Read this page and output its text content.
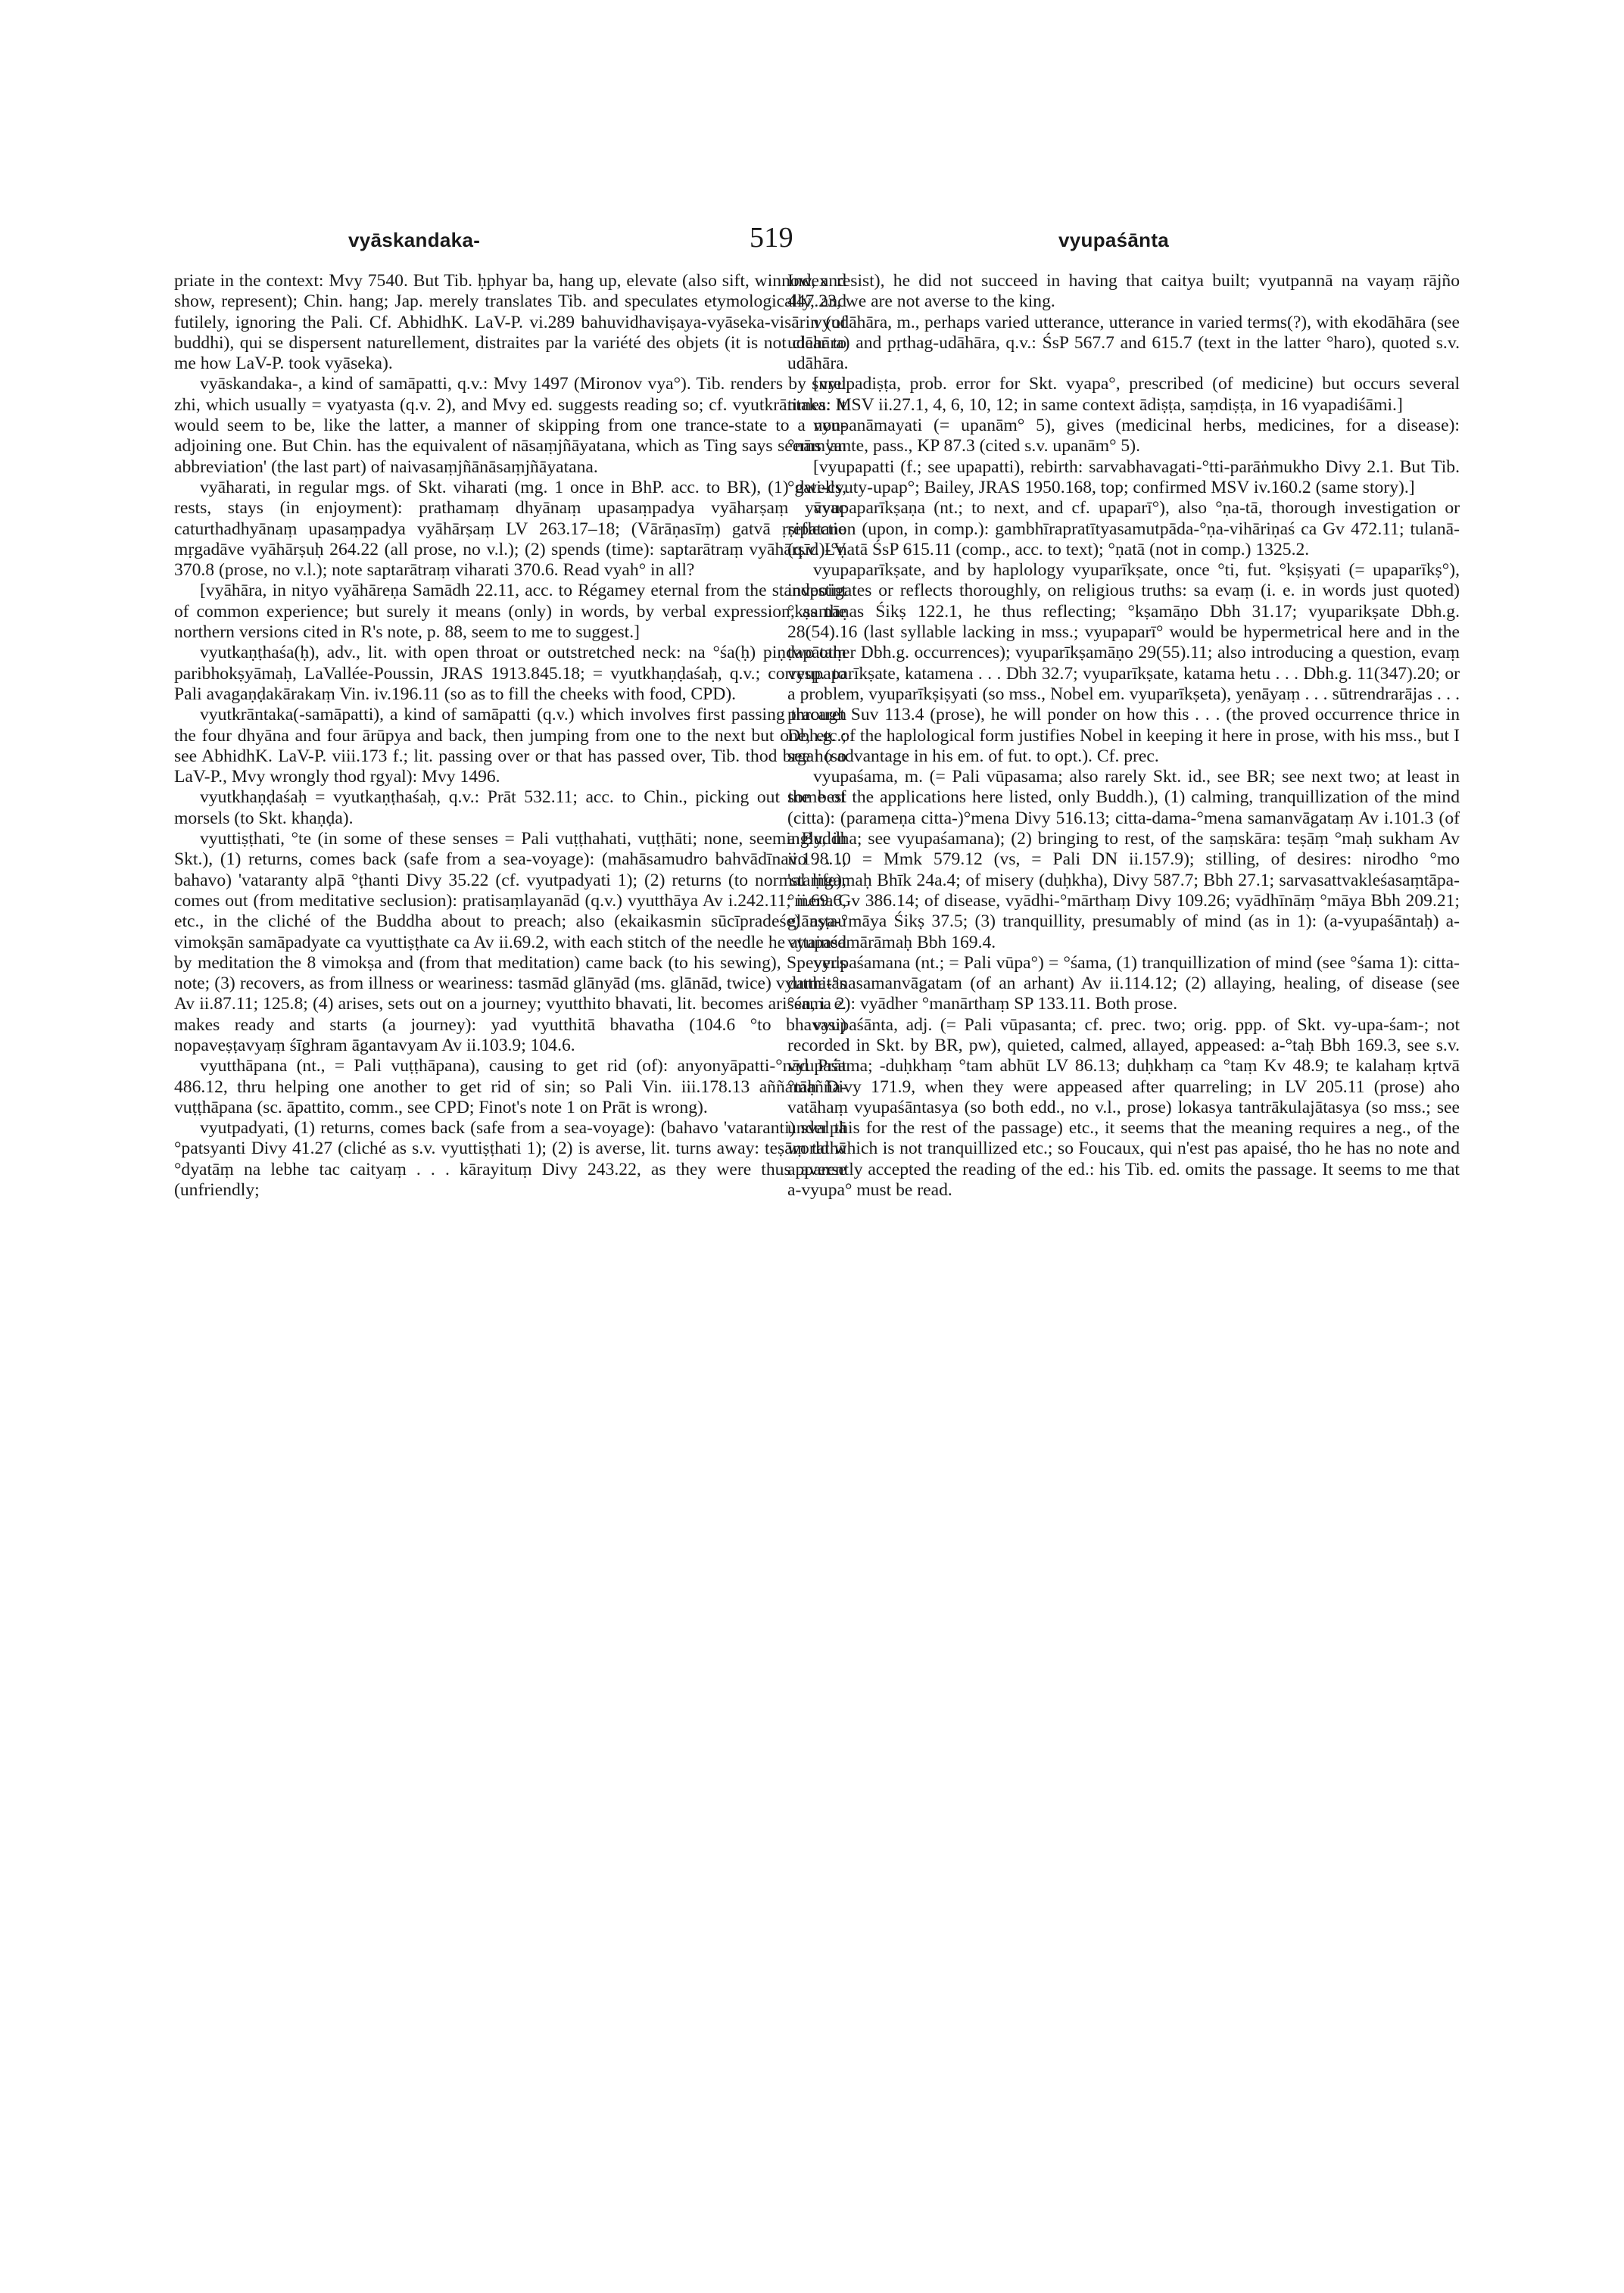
vyāskandaka-	519	vyupaśānta

priate in the context: Mvy 7540. But Tib. ḥphyar ba, hang up, elevate (also sift, winnow, and show, represent); Chin. hang; Jap. merely translates Tib. and speculates etymologically, and futilely, ignoring the Pali. Cf. AbhidhK. LaV-P. vi.289 bahuvidhaviṣaya-vyāseka-visārin (of buddhi), qui se dispersent naturellement, distraites par la variété des objets (it is not clear to me how LaV-P. took vyāseka).

vyāskandaka-, a kind of samāpatti, q.v.: Mvy 1497 (Mironov vya°). Tib. renders by snrel zhi, which usually = vyatyasta (q.v. 2), and Mvy ed. suggests reading so; cf. vyutkrāntaka. It would seem to be, like the latter, a manner of skipping from one trance-state to a non-adjoining one. But Chin. has the equivalent of nāsaṃjñāyatana, which as Ting says seems 'an abbreviation' (the last part) of naivasaṃjñānāsaṃjñāyatana.

vyāharati, in regular mgs. of Skt. viharati (mg. 1 once in BhP. acc. to BR), (1) dwells, rests, stays (in enjoyment): prathamaṃ dhyānaṃ upasaṃpadya vyāharṣaṃ yāvac caturthadhyānaṃ upasaṃpadya vyāhārṣaṃ LV 263.17–18; (Vārāṇasīṃ) gatvā ṛṣipatane mṛgadāve vyāhārṣuḥ 264.22 (all prose, no v.l.); (2) spends (time): saptarātraṃ vyāhārṣīd LV 370.8 (prose, no v.l.); note saptarātraṃ viharati 370.6. Read vyah° in all?

[vyāhāra, in nityo vyāhāreṇa Samādh 22.11, acc. to Régamey eternal from the standpoint of common experience; but surely it means (only) in words, by verbal expression, as the northern versions cited in R's note, p. 88, seem to me to suggest.]

vyutkaṇṭhaśa(ḥ), adv., lit. with open throat or outstretched neck: na °śa(ḥ) piṇḍapātaṃ paribhokṣyāmaḥ, LaVallée-Poussin, JRAS 1913.845.18; = vyutkhaṇḍaśaḥ, q.v.; corresp. to Pali avagaṇḍakārakaṃ Vin. iv.196.11 (so as to fill the cheeks with food, CPD).

vyutkrāntaka(-samāpatti), a kind of samāpatti (q.v.) which involves first passing through the four dhyāna and four ārūpya and back, then jumping from one to the next but one, etc.; see AbhidhK. LaV-P. viii.173 f.; lit. passing over or that has passed over, Tib. thod brgal (so LaV-P., Mvy wrongly thod rgyal): Mvy 1496.

vyutkhaṇḍaśaḥ = vyutkaṇṭhaśaḥ, q.v.: Prāt 532.11; acc. to Chin., picking out the best morsels (to Skt. khaṇḍa).

vyuttiṣṭhati, °te (in some of these senses = Pali vuṭṭhahati, vuṭṭhāti; none, seemingly, in Skt.), (1) returns, comes back (safe from a sea-voyage): (mahāsamudro bahvādīnavo . . ., bahavo) 'vataranty alpā °ṭhanti Divy 35.22 (cf. vyutpadyati 1); (2) returns (to normal life), comes out (from meditative seclusion): pratisaṃlayanād (q.v.) vyutthāya Av i.242.11; ii.69.6, etc., in the cliché of the Buddha about to preach; also (ekaikasmin sūcīpradeśe) aṣṭau vimokṣān samāpadyate ca vyuttiṣṭhate ca Av ii.69.2, with each stitch of the needle he attained by meditation the 8 vimokṣa and (from that meditation) came back (to his sewing), Speyer's note; (3) recovers, as from illness or weariness: tasmād glānyād (ms. glānād, twice) vyutthitas Av ii.87.11; 125.8; (4) arises, sets out on a journey; vyutthito bhavati, lit. becomes arisen, i. e. makes ready and starts (a journey): yad vyutthitā bhavatha (104.6 °to bhavasi) nopaveṣṭavyaṃ śīghram āgantavyam Av ii.103.9; 104.6.

vyutthāpana (nt., = Pali vuṭṭhāpana), causing to get rid (of): anyonyāpatti-°nād Prāt 486.12, thru helping one another to get rid of sin; so Pali Vin. iii.178.13 aññamañña-vuṭṭhāpana (sc. āpattito, comm., see CPD; Finot's note 1 on Prāt is wrong).

vyutpadyati, (1) returns, comes back (safe from a sea-voyage): (bahavo 'vataranti) svalpā °patsyanti Divy 41.27 (cliché as s.v. vyuttiṣṭhati 1); (2) is averse, lit. turns away: teṣāṃ tathā °dyatāṃ na lebhe tac caityaṃ . . . kārayituṃ Divy 243.22, as they were thus averse (unfriendly;

Index resist), he did not succeed in having that caitya built; vyutpannā na vayaṃ rājño 447.23, we are not averse to the king.

vyudāhāra, m., perhaps varied utterance, utterance in varied terms(?), with ekodāhāra (see udāhāra) and pṛthag-udāhāra, q.v.: ŚsP 567.7 and 615.7 (text in the latter °haro), quoted s.v. udāhāra.

[vyupadiṣṭa, prob. error for Skt. vyapa°, prescribed (of medicine) but occurs several times: MSV ii.27.1, 4, 6, 10, 12; in same context ādiṣṭa, saṃdiṣṭa, in 16 vyapadiśāmi.]

vyupanāmayati (= upanām° 5), gives (medicinal herbs, medicines, for a disease): °nāmyante, pass., KP 87.3 (cited s.v. upanām° 5).

[vyupapatti (f.; see upapatti), rebirth: sarvabhavagati-°tti-parāṅmukho Divy 2.1. But Tib. °gati-cyuty-upap°; Bailey, JRAS 1950.168, top; confirmed MSV iv.160.2 (same story).]

vyupaparīkṣaṇa (nt.; to next, and cf. upaparī°), also °ṇa-tā, thorough investigation or reflection (upon, in comp.): gambhīrapratītyasamutpāda-°ṇa-vihāriṇaś ca Gv 472.11; tulanā-(q.v.)-°ṇatā ŚsP 615.11 (comp., acc. to text); °ṇatā (not in comp.) 1325.2.

vyupaparīkṣate, and by haplology vyuparīkṣate, once °ti, fut. °kṣiṣyati (= upaparīkṣ°), investigates or reflects thoroughly, on religious truths: sa evaṃ (i. e. in words just quoted) °kṣamāṇas Śikṣ 122.1, he thus reflecting; °kṣamāṇo Dbh 31.17; vyuparikṣate Dbh.g. 28(54).16 (last syllable lacking in mss.; vyupaparī° would be hypermetrical here and in the two other Dbh.g. occurrences); vyuparīkṣamāṇo 29(55).11; also introducing a question, evaṃ vyupaparīkṣate, katamena . . . Dbh 32.7; vyuparīkṣate, katama hetu . . . Dbh.g. 11(347).20; or a problem, vyuparīkṣiṣyati (so mss., Nobel em. vyuparīkṣeta), yenāyaṃ . . . sūtrendrarājas . . . pracaret Suv 113.4 (prose), he will ponder on how this . . . (the proved occurrence thrice in Dbh.g. of the haplological form justifies Nobel in keeping it here in prose, with his mss., but I see no advantage in his em. of fut. to opt.). Cf. prec.

vyupaśama, m. (= Pali vūpasama; also rarely Skt. id., see BR; see next two; at least in some of the applications here listed, only Buddh.), (1) calming, tranquillization of the mind (citta): (parameṇa citta-)°mena Divy 516.13; citta-dama-°mena samanvāgataṃ Av i.101.3 (of a Buddha; see vyupaśamana); (2) bringing to rest, of the saṃskāra: teṣāṃ °maḥ sukham Av ii.198.10 = Mmk 579.12 (vs, = Pali DN ii.157.9); stilling, of desires: nirodho °mo 'staṃgamaḥ Bhīk 24a.4; of misery (duḥkha), Divy 587.7; Bbh 27.1; sarvasattvakleśasaṃtāpa-°mena Gv 386.14; of disease, vyādhi-°mārthaṃ Divy 109.26; vyādhīnāṃ °māya Bbh 209.21; glānya-°māya Śikṣ 37.5; (3) tranquillity, presumably of mind (as in 1): (a-vyupaśāntaḥ) a-vyupaśamārāmaḥ Bbh 169.4.

vyupaśamana (nt.; = Pali vūpa°) = °śama, (1) tranquillization of mind (see °śama 1): citta-dama-°nasamanvāgatam (of an arhant) Av ii.114.12; (2) allaying, healing, of disease (see °śama 2): vyādher °manārthaṃ SP 133.11. Both prose.

vyupaśānta, adj. (= Pali vūpasanta; cf. prec. two; orig. ppp. of Skt. vy-upa-śam-; not recorded in Skt. by BR, pw), quieted, calmed, allayed, appeased: a-°taḥ Bbh 169.3, see s.v. vyupaśama; -duḥkhaṃ °tam abhūt LV 86.13; duḥkhaṃ ca °taṃ Kv 48.9; te kalahaṃ kṛtvā °tāḥ Divy 171.9, when they were appeased after quarreling; in LV 205.11 (prose) aho vatāhaṃ vyupaśāntasya (so both edd., no v.l., prose) lokasya tantrākulajātasya (so mss.; see under this for the rest of the passage) etc., it seems that the meaning requires a neg., of the world which is not tranquillized etc.; so Foucaux, qui n'est pas apaisé, tho he has no note and apparently accepted the reading of the ed.: his Tib. ed. omits the passage. It seems to me that a-vyupa° must be read.
